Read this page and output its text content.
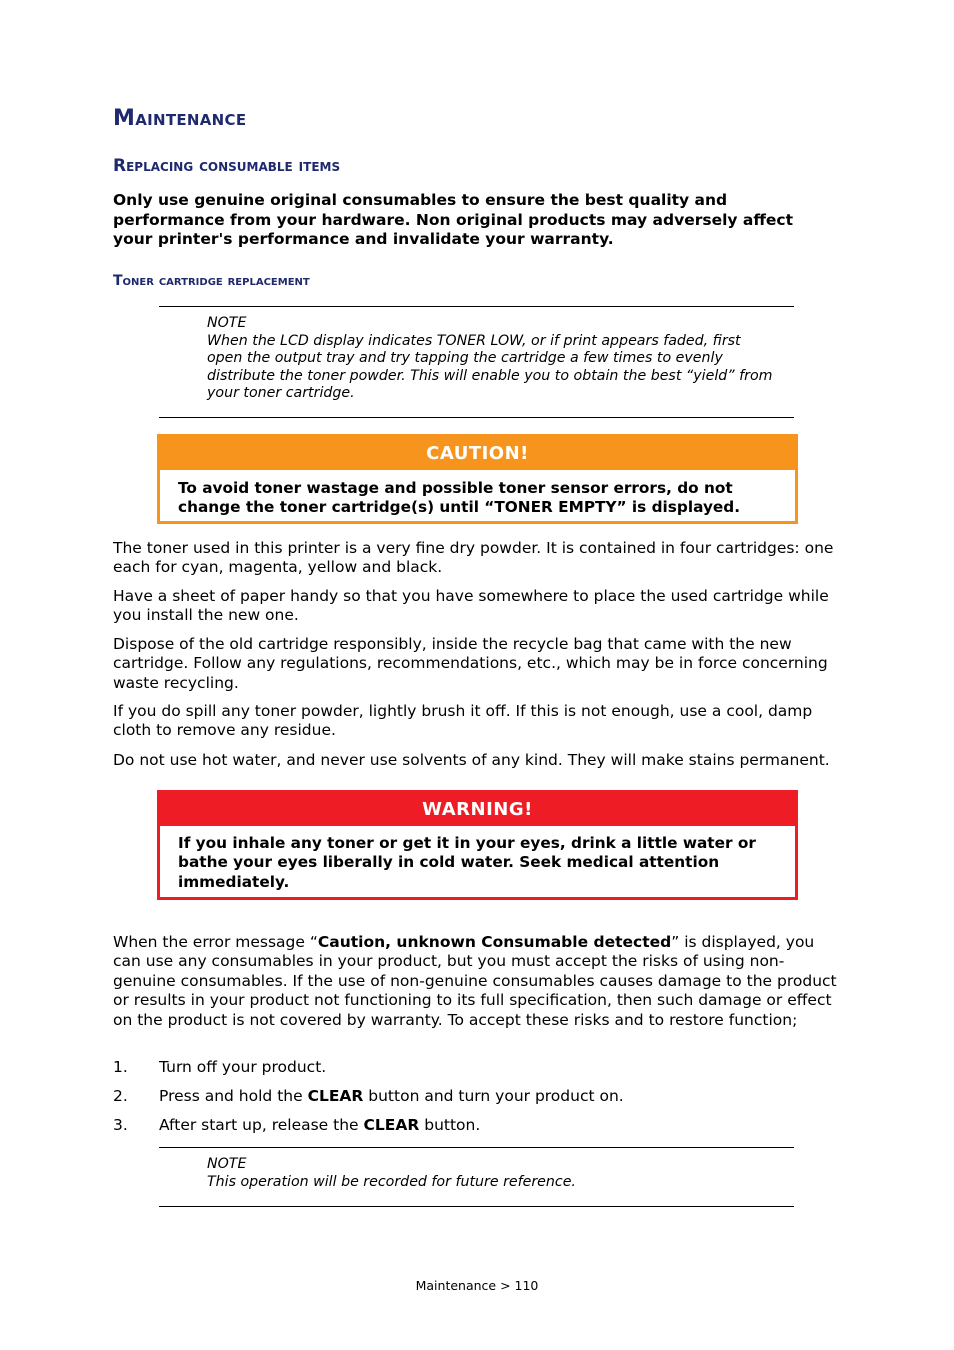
Maintenance
Replacing consumable items

Only use genuine original consumables to ensure the best quality and performance from your hardware. Non original products may adversely affect your printer's performance and invalidate your warranty.

Toner cartridge replacement
NOTE
When the LCD display indicates TONER LOW, or if print appears faded, first open the output tray and try tapping the cartridge a few times to evenly distribute the toner powder. This will enable you to obtain the best “yield” from your toner cartridge.
CAUTION!
To avoid toner wastage and possible toner sensor errors, do not change the toner cartridge(s) until “TONER EMPTY” is displayed.

The toner used in this printer is a very fine dry powder. It is contained in four cartridges: one each for cyan, magenta, yellow and black.

Have a sheet of paper handy so that you have somewhere to place the used cartridge while you install the new one.

Dispose of the old cartridge responsibly, inside the recycle bag that came with the new cartridge. Follow any regulations, recommendations, etc., which may be in force concerning waste recycling.

If you do spill any toner powder, lightly brush it off. If this is not enough, use a cool, damp cloth to remove any residue.

Do not use hot water, and never use solvents of any kind. They will make stains permanent.

WARNING!
If you inhale any toner or get it in your eyes, drink a little water or bathe your eyes liberally in cold water. Seek medical attention immediately.

When the error message “Caution, unknown Consumable detected” is displayed, you can use any consumables in your product, but you must accept the risks of using non-genuine consumables. If the use of non-genuine consumables causes damage to the product or results in your product not functioning to its full specification, then such damage or effect on the product is not covered by warranty. To accept these risks and to restore function;

1. Turn off your product.

2. Press and hold the CLEAR button and turn your product on.

3. After start up, release the CLEAR button.

NOTE
This operation will be recorded for future reference.
Maintenance > 110
